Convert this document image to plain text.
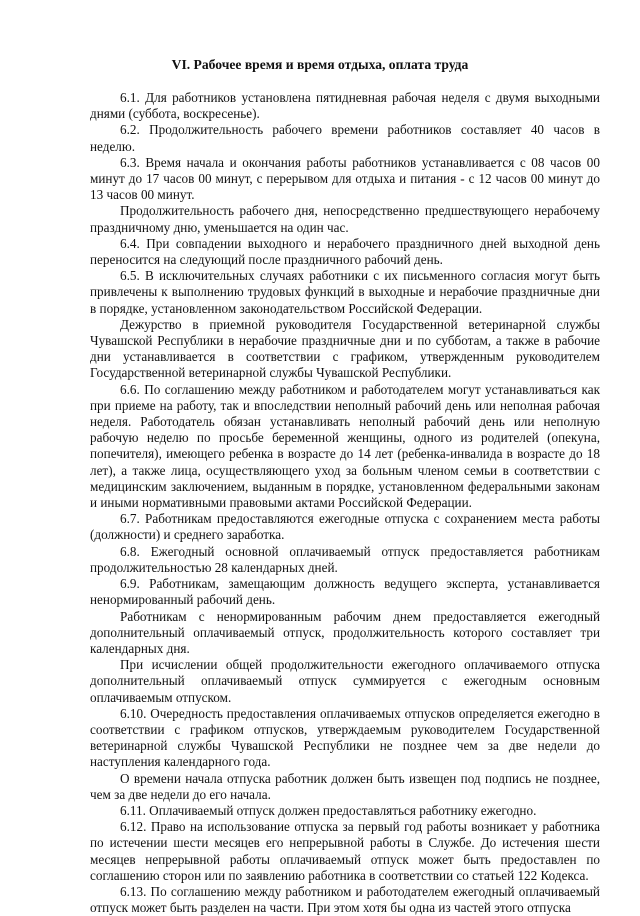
VI. Рабочее время и время отдыха, оплата труда

6.1. Для работников установлена пятидневная рабочая неделя с двумя выходными днями (суббота, воскресенье).

6.2. Продолжительность рабочего времени работников составляет 40 часов в неделю.

6.3. Время начала и окончания работы работников устанавливается с 08 часов 00 минут до 17 часов 00 минут, с перерывом для отдыха и питания - с 12 часов 00 минут до 13 часов 00 минут.

Продолжительность рабочего дня, непосредственно предшествующего нерабочему праздничному дню, уменьшается на один час.

6.4. При совпадении выходного и нерабочего праздничного дней выходной день переносится на следующий после праздничного рабочий день.

6.5. В исключительных случаях работники с их письменного согласия могут быть привлечены к выполнению трудовых функций в выходные и нерабочие праздничные дни в порядке, установленном законодательством Российской Федерации.

Дежурство в приемной руководителя Государственной ветеринарной службы Чувашской Республики в нерабочие праздничные дни и по субботам, а также в рабочие дни устанавливается в соответствии с графиком, утвержденным руководителем Государственной ветеринарной службы Чувашской Республики.

6.6. По соглашению между работником и работодателем могут устанавливаться как при приеме на работу, так и впоследствии неполный рабочий день или неполная рабочая неделя. Работодатель обязан устанавливать неполный рабочий день или неполную рабочую неделю по просьбе беременной женщины, одного из родителей (опекуна, попечителя), имеющего ребенка в возрасте до 14 лет (ребенка-инвалида в возрасте до 18 лет), а также лица, осуществляющего уход за больным членом семьи в соответствии с медицинским заключением, выданным в порядке, установленном федеральными законам и иными нормативными правовыми актами Российской Федерации.

6.7. Работникам предоставляются ежегодные отпуска с сохранением места работы (должности) и среднего заработка.

6.8. Ежегодный основной оплачиваемый отпуск предоставляется работникам продолжительностью 28 календарных дней.

6.9. Работникам, замещающим должность ведущего эксперта, устанавливается ненормированный рабочий день.

Работникам с ненормированным рабочим днем предоставляется ежегодный дополнительный оплачиваемый отпуск, продолжительность которого составляет три календарных дня.

При исчислении общей продолжительности ежегодного оплачиваемого отпуска дополнительный оплачиваемый отпуск суммируется с ежегодным основным оплачиваемым отпуском.

6.10. Очередность предоставления оплачиваемых отпусков определяется ежегодно в соответствии с графиком отпусков, утверждаемым руководителем Государственной ветеринарной службы Чувашской Республики не позднее чем за две недели до наступления календарного года.

О времени начала отпуска работник должен быть извещен под подпись не позднее, чем за две недели до его начала.

6.11. Оплачиваемый отпуск должен предоставляться работнику ежегодно.

6.12. Право на использование отпуска за первый год работы возникает у работника по истечении шести месяцев его непрерывной работы в Службе. До истечения шести месяцев непрерывной работы оплачиваемый отпуск может быть предоставлен по соглашению сторон или по заявлению работника в соответствии со статьей 122 Кодекса.

6.13. По соглашению между работником и работодателем ежегодный оплачиваемый отпуск может быть разделен на части. При этом хотя бы одна из частей этого отпуска
